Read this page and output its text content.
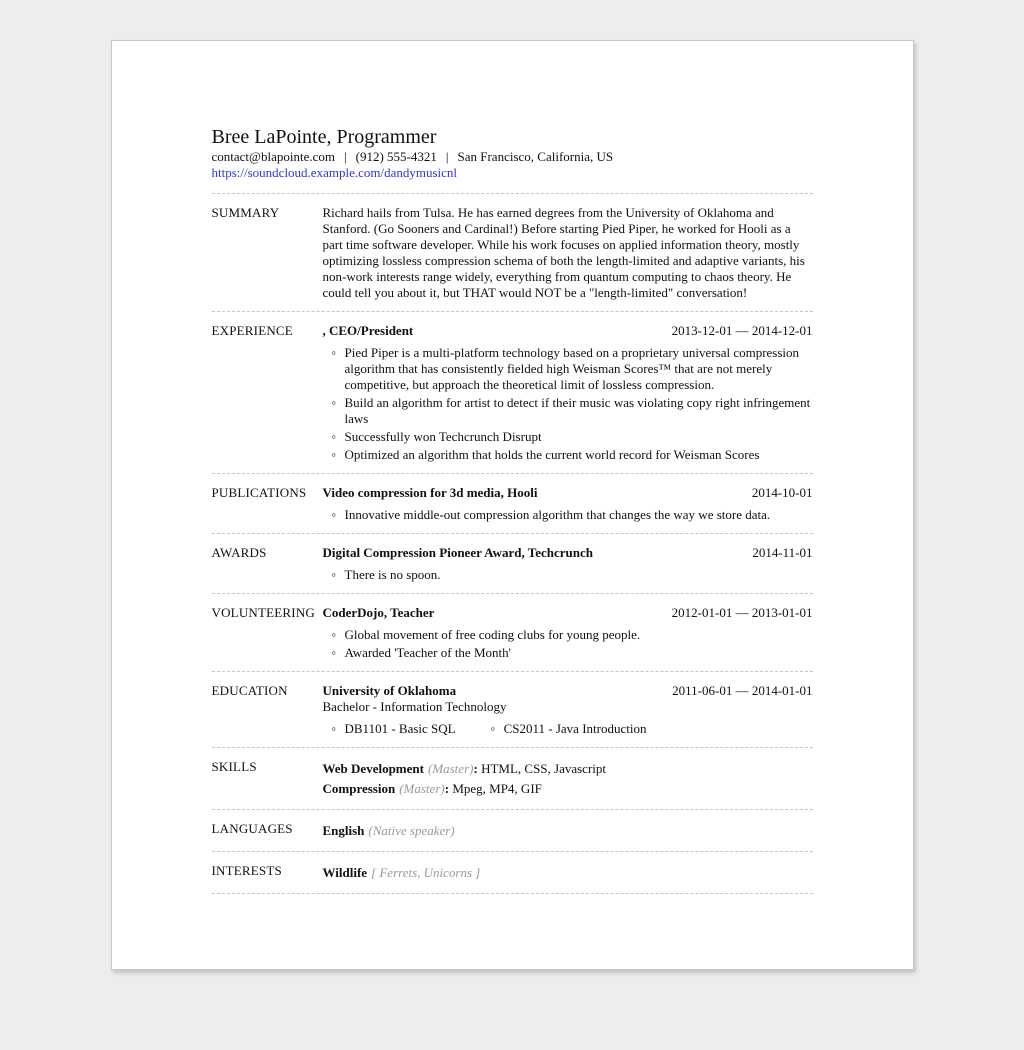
Bree LaPointe, Programmer

contact@blapointe.com | (912) 555-4321 | San Francisco, California, US

https://soundcloud.example.com/dandymusicnl

SUMMARY	Richard hails from Tulsa. He has earned degrees from the University of Oklahoma and Stanford. (Go Sooners and Cardinal!) Before starting Pied Piper, he worked for Hooli as a part time software developer. While his work focuses on applied information theory, mostly optimizing lossless compression schema of both the length-limited and adaptive variants, his non-work interests range widely, everything from quantum computing to chaos theory. He could tell you about it, but THAT would NOT be a "length-limited" conversation!

EXPERIENCE	, CEO/President	2013-12-01 — 2014-12-01
◦ Pied Piper is a multi-platform technology based on a proprietary universal compression algorithm that has consistently fielded high Weisman Scores™ that are not merely competitive, but approach the theoretical limit of lossless compression.
◦ Build an algorithm for artist to detect if their music was violating copy right infringement laws
◦ Successfully won Techcrunch Disrupt
◦ Optimized an algorithm that holds the current world record for Weisman Scores
PUBLICATIONS	Video compression for 3d media, Hooli	2014-10-01
◦ Innovative middle-out compression algorithm that changes the way we store data.
AWARDS	Digital Compression Pioneer Award, Techcrunch	2014-11-01
◦ There is no spoon.
VOLUNTEERING CoderDojo, Teacher	2012-01-01 — 2013-01-01
◦ Global movement of free coding clubs for young people.
◦ Awarded 'Teacher of the Month'
EDUCATION	University of Oklahoma	2011-06-01 — 2014-01-01
Bachelor - Information Technology
◦ DB1101 - Basic SQL	◦ CS2011 - Java Introduction
SKILLS	Web Development (Master): HTML, CSS, Javascript

Compression (Master): Mpeg, MP4, GIF

LANGUAGES	English (Native speaker)

INTERESTS	Wildlife [ Ferrets, Unicorns ]
